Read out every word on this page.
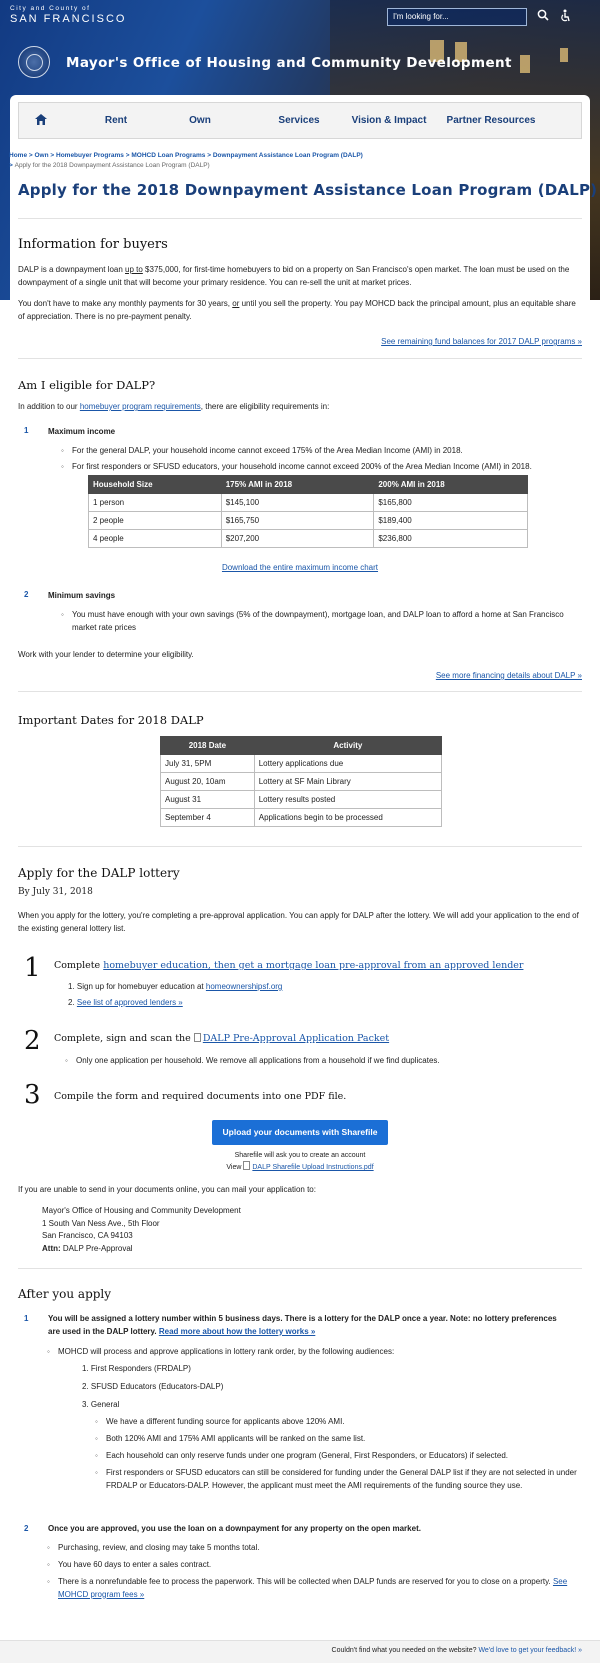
City and County of
SAN FRANCISCO	I'm looking for...
Mayor's Office of Housing and Community Development
Rent	Own	Services	Vision & Impact	Partner Resources
Home > Own > Homebuyer Programs > MOHCD Loan Programs > Downpayment Assistance Loan Program (DALP)
> Apply for the 2018 Downpayment Assistance Loan Program (DALP)
Apply for the 2018 Downpayment Assistance Loan Program (DALP)
Information for buyers

DALP is a downpayment loan up to $375,000, for first-time homebuyers to bid on a property on San Francisco's open market. The loan must be used on the downpayment of a single unit that will become your primary residence. You can re-sell the unit at market prices.

You don't have to make any monthly payments for 30 years, or until you sell the property. You pay MOHCD back the principal amount, plus an equitable share of appreciation. There is no pre-payment penalty.

See remaining fund balances for 2017 DALP programs »
Am I eligible for DALP?

In addition to our homebuyer program requirements, there are eligibility requirements in:

1 Maximum income
◦ For the general DALP, your household income cannot exceed 175% of the Area Median Income (AMI) in 2018.
◦ For first responders or SFUSD educators, your household income cannot exceed 200% of the Area Median Income (AMI) in 2018.
Household Size	175% AMI in 2018	200% AMI in 2018
1 person	$145,100	$165,800
2 people	$165,750	$189,400
4 people	$207,200	$236,800
Download the entire maximum income chart
2 Minimum savings
◦ You must have enough with your own savings (5% of the downpayment), mortgage loan, and DALP loan to afford a home at San Francisco market rate prices

Work with your lender to determine your eligibility.

See more financing details about DALP »
Important Dates for 2018 DALP
2018 Date	Activity
July 31, 5PM	Lottery applications due
August 20, 10am	Lottery at SF Main Library
August 31	Lottery results posted
September 4	Applications begin to be processed
Apply for the DALP lottery
By July 31, 2018

When you apply for the lottery, you're completing a pre-approval application. You can apply for DALP after the lottery. We will add your application to the end of the existing general lottery list.

1 Complete homebuyer education, then get a mortgage loan pre-approval from an approved lender
1. Sign up for homebuyer education at homeownershipsf.org
2. See list of approved lenders »
2 Complete, sign and scan the DALP Pre-Approval Application Packet
◦ Only one application per household. We remove all applications from a household if we find duplicates.
3 Compile the form and required documents into one PDF file.
Upload your documents with Sharefile
Sharefile will ask you to create an account
View DALP Sharefile Upload Instructions.pdf

If you are unable to send in your documents online, you can mail your application to:

Mayor's Office of Housing and Community Development
1 South Van Ness Ave., 5th Floor
San Francisco, CA 94103
Attn: DALP Pre-Approval
After you apply
1 You will be assigned a lottery number within 5 business days. There is a lottery for the DALP once a year. Note: no lottery preferences are used in the DALP lottery. Read more about how the lottery works »
◦ MOHCD will process and approve applications in lottery rank order, by the following audiences:
1. First Responders (FRDALP)
2. SFUSD Educators (Educators-DALP)
3. General
◦ We have a different funding source for applicants above 120% AMI.
◦ Both 120% AMI and 175% AMI applicants will be ranked on the same list.
◦ Each household can only reserve funds under one program (General, First Responders, or Educators) if selected.
◦ First responders or SFUSD educators can still be considered for funding under the General DALP list if they are not selected in under FRDALP or Educators-DALP. However, the applicant must meet the AMI requirements of the funding source they use.
2 Once you are approved, you use the loan on a downpayment for any property on the open market.
◦ Purchasing, review, and closing may take 5 months total.
◦ You have 60 days to enter a sales contract.
◦ There is a nonrefundable fee to process the paperwork. This will be collected when DALP funds are reserved for you to close on a property. See MOHCD program fees »
Couldn't find what you needed on the website? We'd love to get your feedback! »
